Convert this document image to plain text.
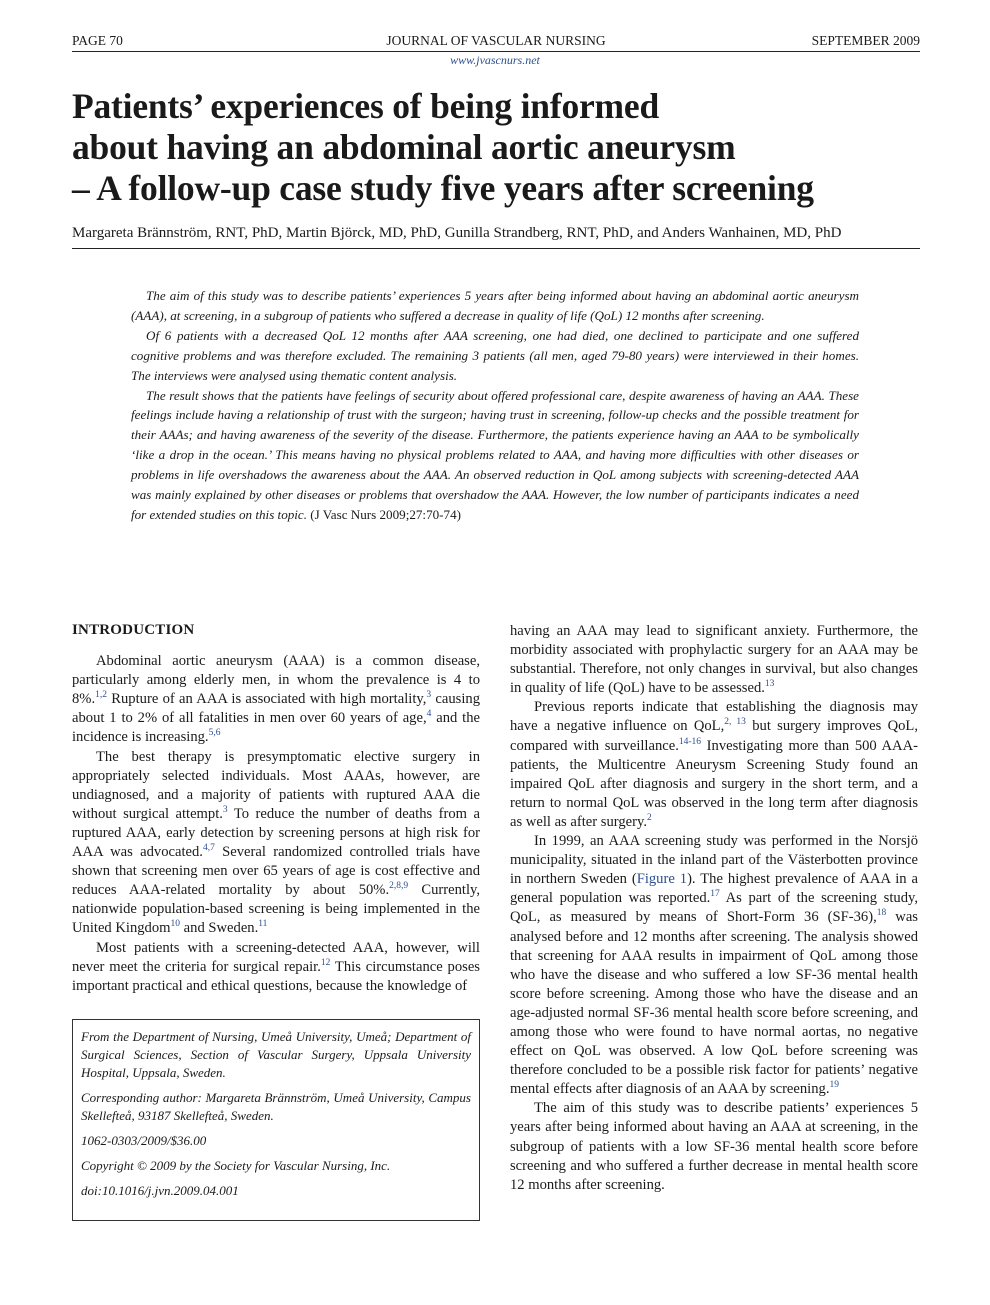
PAGE 70	JOURNAL OF VASCULAR NURSING	SEPTEMBER 2009
www.jvascnurs.net
Patients’ experiences of being informed
about having an abdominal aortic aneurysm
– A follow-up case study five years after screening
Margareta Brännström, RNT, PhD, Martin Björck, MD, PhD, Gunilla Strandberg, RNT, PhD, and Anders Wanhainen, MD, PhD

The aim of this study was to describe patients’ experiences 5 years after being informed about having an abdominal aortic aneurysm (AAA), at screening, in a subgroup of patients who suffered a decrease in quality of life (QoL) 12 months after screening.

Of 6 patients with a decreased QoL 12 months after AAA screening, one had died, one declined to participate and one suffered cognitive problems and was therefore excluded. The remaining 3 patients (all men, aged 79-80 years) were interviewed in their homes. The interviews were analysed using thematic content analysis.

The result shows that the patients have feelings of security about offered professional care, despite awareness of having an AAA. These feelings include having a relationship of trust with the surgeon; having trust in screening, follow-up checks and the possible treatment for their AAAs; and having awareness of the severity of the disease. Furthermore, the patients experience having an AAA to be symbolically ‘like a drop in the ocean.’ This means having no physical problems related to AAA, and having more difficulties with other diseases or problems in life overshadows the awareness about the AAA. An observed reduction in QoL among subjects with screening-detected AAA was mainly explained by other diseases or problems that overshadow the AAA. However, the low number of participants indicates a need for extended studies on this topic. (J Vasc Nurs 2009;27:70-74)

INTRODUCTION

Abdominal aortic aneurysm (AAA) is a common disease, particularly among elderly men, in whom the prevalence is 4 to 8%.$^{1,2}$ Rupture of an AAA is associated with high mortality,$^3$ causing about 1 to 2% of all fatalities in men over 60 years of age,$^4$ and the incidence is increasing.$^{5,6}$

The best therapy is presymptomatic elective surgery in appropriately selected individuals. Most AAAs, however, are undiagnosed, and a majority of patients with ruptured AAA die without surgical attempt.$^3$ To reduce the number of deaths from a ruptured AAA, early detection by screening persons at high risk for AAA was advocated.$^{4,7}$ Several randomized controlled trials have shown that screening men over 65 years of age is cost effective and reduces AAA-related mortality by about 50%.$^{2,8,9}$ Currently, nationwide population-based screening is being implemented in the United Kingdom$^{10}$ and Sweden.$^{11}$

Most patients with a screening-detected AAA, however, will never meet the criteria for surgical repair.$^{12}$ This circumstance poses important practical and ethical questions, because the knowledge of

From the Department of Nursing, Umeå University, Umeå; Department of Surgical Sciences, Section of Vascular Surgery, Uppsala University Hospital, Uppsala, Sweden.

Corresponding author: Margareta Brännström, Umeå University, Campus Skellefteå, 93187 Skellefteå, Sweden.

1062-0303/2009/$36.00

Copyright © 2009 by the Society for Vascular Nursing, Inc.

doi:10.1016/j.jvn.2009.04.001

having an AAA may lead to significant anxiety. Furthermore, the morbidity associated with prophylactic surgery for an AAA may be substantial. Therefore, not only changes in survival, but also changes in quality of life (QoL) have to be assessed.$^{13}$

Previous reports indicate that establishing the diagnosis may have a negative influence on QoL,$^{2, 13}$ but surgery improves QoL, compared with surveillance.$^{14-16}$ Investigating more than 500 AAA-patients, the Multicentre Aneurysm Screening Study found an impaired QoL after diagnosis and surgery in the short term, and a return to normal QoL was observed in the long term after diagnosis as well as after surgery.$^2$

In 1999, an AAA screening study was performed in the Norsjö municipality, situated in the inland part of the Västerbotten province in northern Sweden (Figure 1). The highest prevalence of AAA in a general population was reported.$^{17}$ As part of the screening study, QoL, as measured by means of Short-Form 36 (SF-36),$^{18}$ was analysed before and 12 months after screening. The analysis showed that screening for AAA results in impairment of QoL among those who have the disease and who suffered a low SF-36 mental health score before screening. Among those who have the disease and an age-adjusted normal SF-36 mental health score before screening, and among those who were found to have normal aortas, no negative effect on QoL was observed. A low QoL before screening was therefore concluded to be a possible risk factor for patients’ negative mental effects after diagnosis of an AAA by screening.$^{19}$

The aim of this study was to describe patients’ experiences 5 years after being informed about having an AAA at screening, in the subgroup of patients with a low SF-36 mental health score before screening and who suffered a further decrease in mental health score 12 months after screening.
